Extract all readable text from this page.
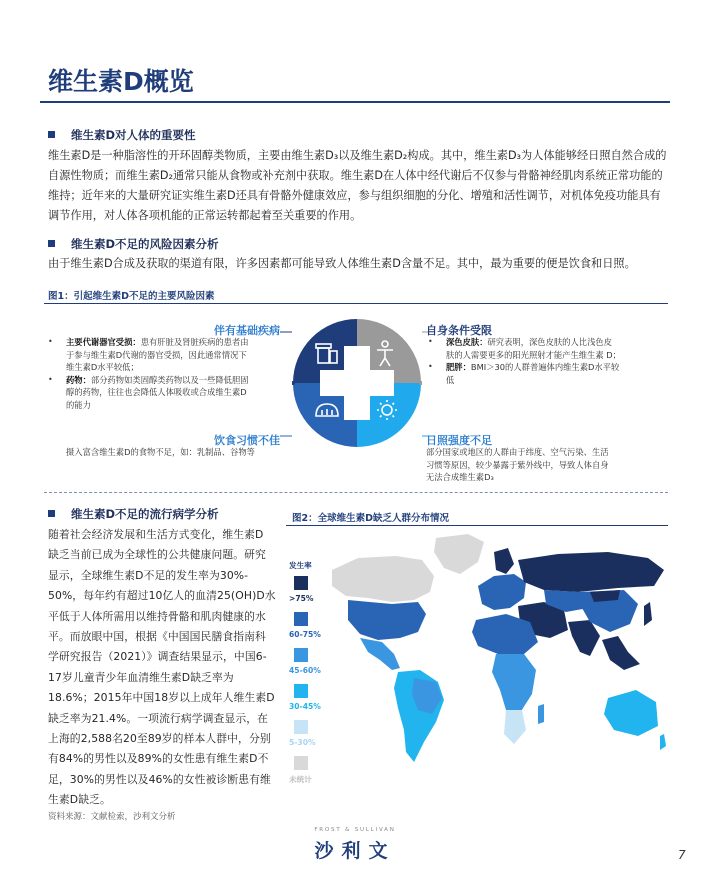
维生素D概览
维生素D对人体的重要性
维生素D是一种脂溶性的开环固醇类物质，主要由维生素D₃以及维生素D₂构成。其中，维生素D₃为人体能够经日照自然合成的
自源性物质；而维生素D₂通常只能从食物或补充剂中获取。维生素D在人体中经代谢后不仅参与骨骼神经肌肉系统正常功能的
维持；近年来的大量研究证实维生素D还具有骨骼外健康效应，参与组织细胞的分化、增殖和活性调节，对机体免疫功能具有
调节作用，对人体各项机能的正常运转都起着至关重要的作用。
维生素D不足的风险因素分析
由于维生素D合成及获取的渠道有限，许多因素都可能导致人体维生素D含量不足。其中，最为重要的便是饮食和日照。
图1：引起维生素D不足的主要风险因素
伴有基础疾病
• 主要代谢器官受损：患有肝脏及肾脏疾病的患者由
于参与维生素D代谢的器官受损，因此通常情况下
维生素D水平较低；
• 药物：部分药物如类固醇类药物以及一些降低胆固
醇的药物，往往也会降低人体吸收或合成维生素D
的能力
饮食习惯不佳
摄入富含维生素D的食物不足，如：乳制品、谷物等
自身条件受限
• 深色皮肤：研究表明，深色皮肤的人比浅色皮
肤的人需要更多的阳光照射才能产生维生素 D；
• 肥胖：BMI＞30的人群普遍体内维生素D水平较
低
日照强度不足
部分国家或地区的人群由于纬度、空气污染、生活
习惯等原因，较少暴露于紫外线中，导致人体自身
无法合成维生素D₃
维生素D不足的流行病学分析
随着社会经济发展和生活方式变化，维生素D
缺乏当前已成为全球性的公共健康问题。研究
显示，全球维生素D不足的发生率为30%-
50%，每年约有超过10亿人的血清25(OH)D水
平低于人体所需用以维持骨骼和肌肉健康的水
平。而放眼中国，根据《中国国民膳食指南科
学研究报告（2021）》调查结果显示，中国6-
17岁儿童青少年血清维生素D缺乏率为
18.6%；2015年中国18岁以上成年人维生素D
缺乏率为21.4%。一项流行病学调查显示，在
上海的2,588名20至89岁的样本人群中，分别
有84%的男性以及89%的女性患有维生素D不
足，30%的男性以及46%的女性被诊断患有维
生素D缺乏。
图2：全球维生素D缺乏人群分布情况
发生率
>75%
60-75%
45-60%
30-45%
5-30%
未统计
资料来源：文献检索，沙利文分析
FROST & SULLIVAN
沙利文	7
